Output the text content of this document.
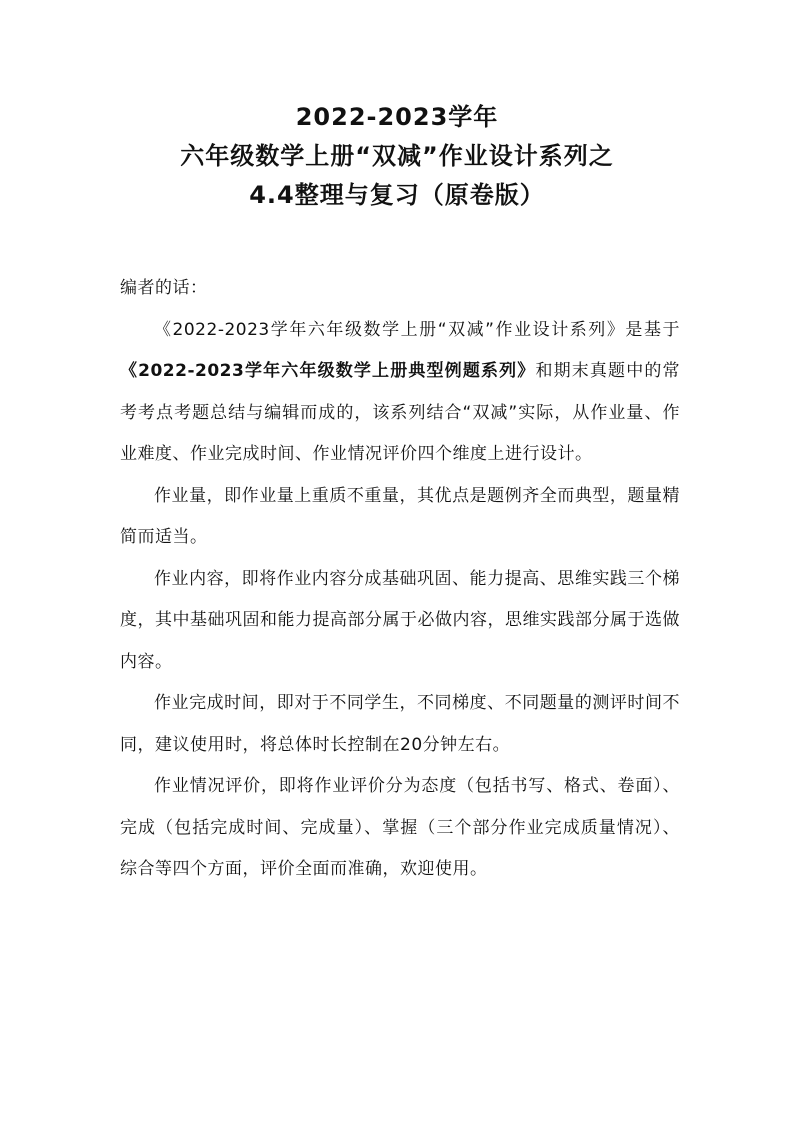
2022-2023学年
六年级数学上册“双减”作业设计系列之
4.4整理与复习（原卷版）

编者的话：

《2022-2023学年六年级数学上册“双减”作业设计系列》是基于《2022-2023学年六年级数学上册典型例题系列》和期末真题中的常考考点考题总结与编辑而成的，该系列结合“双减”实际，从作业量、作业难度、作业完成时间、作业情况评价四个维度上进行设计。

作业量，即作业量上重质不重量，其优点是题例齐全而典型，题量精简而适当。

作业内容，即将作业内容分成基础巩固、能力提高、思维实践三个梯度，其中基础巩固和能力提高部分属于必做内容，思维实践部分属于选做内容。

作业完成时间，即对于不同学生，不同梯度、不同题量的测评时间不同，建议使用时，将总体时长控制在20分钟左右。

作业情况评价，即将作业评价分为态度（包括书写、格式、卷面）、完成（包括完成时间、完成量）、掌握（三个部分作业完成质量情况）、综合等四个方面，评价全面而准确，欢迎使用。
